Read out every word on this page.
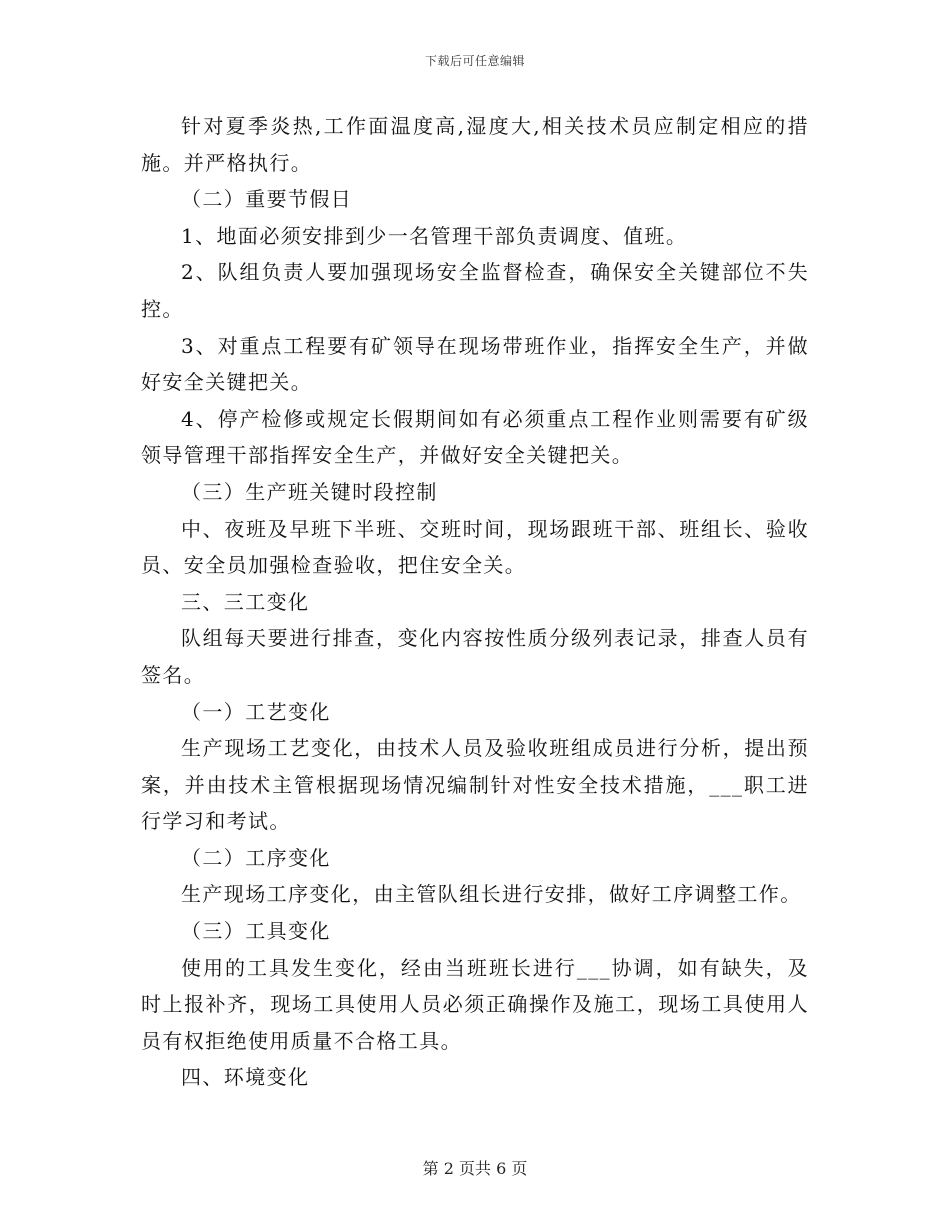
下载后可任意编辑

针对夏季炎热,工作面温度高,湿度大,相关技术员应制定相应的措施。并严格执行。

（二）重要节假日

1、地面必须安排到少一名管理干部负责调度、值班。

2、队组负责人要加强现场安全监督检查，确保安全关键部位不失控。

3、对重点工程要有矿领导在现场带班作业，指挥安全生产，并做好安全关键把关。

4、停产检修或规定长假期间如有必须重点工程作业则需要有矿级领导管理干部指挥安全生产，并做好安全关键把关。

（三）生产班关键时段控制

中、夜班及早班下半班、交班时间，现场跟班干部、班组长、验收员、安全员加强检查验收，把住安全关。

三、三工变化

队组每天要进行排查，变化内容按性质分级列表记录，排查人员有签名。

（一）工艺变化

生产现场工艺变化，由技术人员及验收班组成员进行分析，提出预案，并由技术主管根据现场情况编制针对性安全技术措施，___职工进行学习和考试。

（二）工序变化

生产现场工序变化，由主管队组长进行安排，做好工序调整工作。

（三）工具变化

使用的工具发生变化，经由当班班长进行___协调，如有缺失，及时上报补齐，现场工具使用人员必须正确操作及施工，现场工具使用人员有权拒绝使用质量不合格工具。

四、环境变化

第 2 页共 6 页
